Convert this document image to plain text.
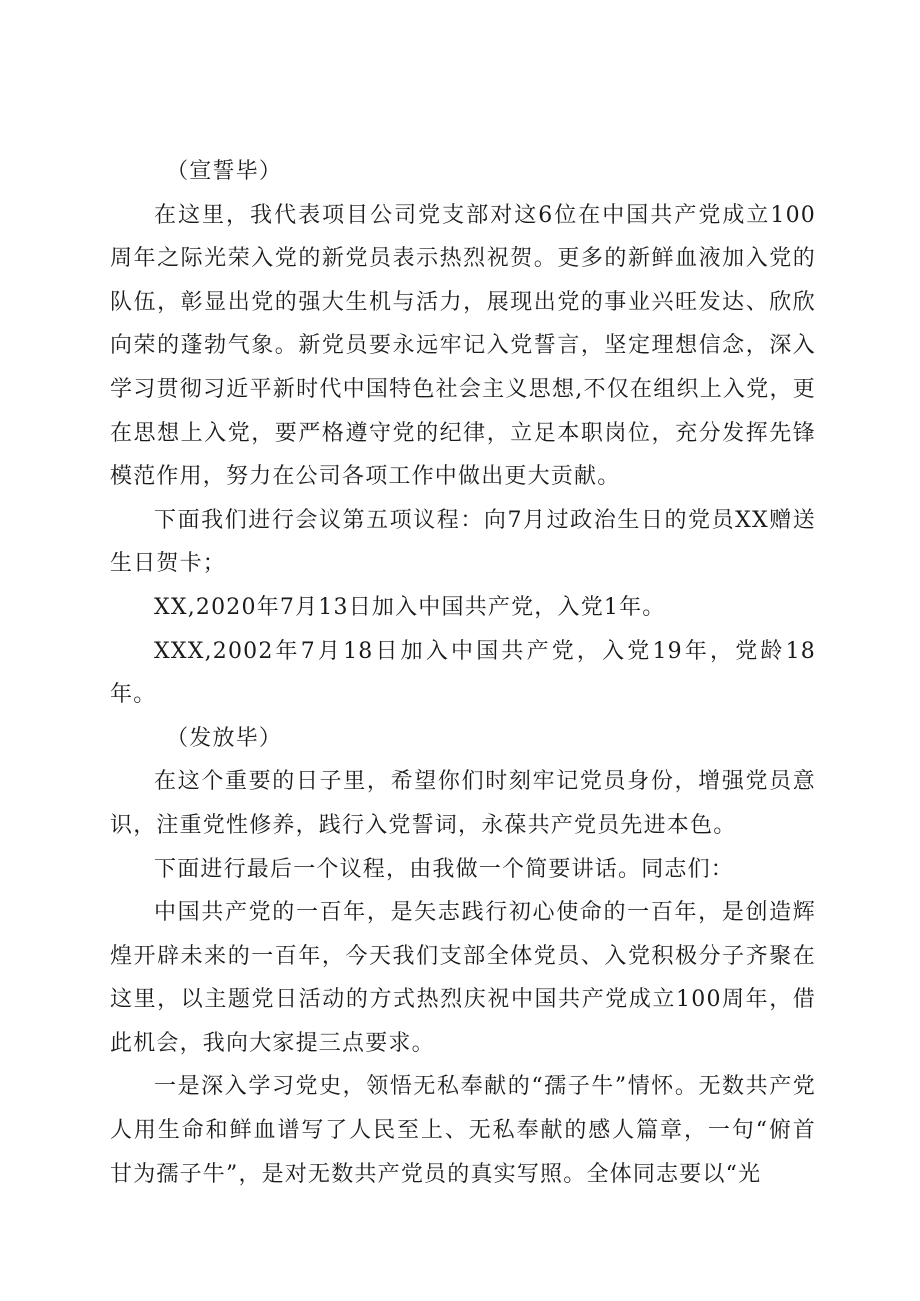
（宣誓毕）

在这里，我代表项目公司党支部对这6位在中国共产党成立100周年之际光荣入党的新党员表示热烈祝贺。更多的新鲜血液加入党的队伍，彰显出党的强大生机与活力，展现出党的事业兴旺发达、欣欣向荣的蓬勃气象。新党员要永远牢记入党誓言，坚定理想信念，深入学习贯彻习近平新时代中国特色社会主义思想,不仅在组织上入党，更在思想上入党，要严格遵守党的纪律，立足本职岗位，充分发挥先锋模范作用，努力在公司各项工作中做出更大贡献。

下面我们进行会议第五项议程：向7月过政治生日的党员XX赠送生日贺卡；

XX,2020年7月13日加入中国共产党，入党1年。

XXX,2002年7月18日加入中国共产党，入党19年，党龄18年。

（发放毕）

在这个重要的日子里，希望你们时刻牢记党员身份，增强党员意识，注重党性修养，践行入党誓词，永葆共产党员先进本色。

下面进行最后一个议程，由我做一个简要讲话。同志们：

中国共产党的一百年，是矢志践行初心使命的一百年，是创造辉煌开辟未来的一百年，今天我们支部全体党员、入党积极分子齐聚在这里，以主题党日活动的方式热烈庆祝中国共产党成立100周年，借此机会，我向大家提三点要求。

一是深入学习党史，领悟无私奉献的“孺子牛”情怀。无数共产党人用生命和鲜血谱写了人民至上、无私奉献的感人篇章，一句“俯首甘为孺子牛”，是对无数共产党员的真实写照。全体同志要以“光
